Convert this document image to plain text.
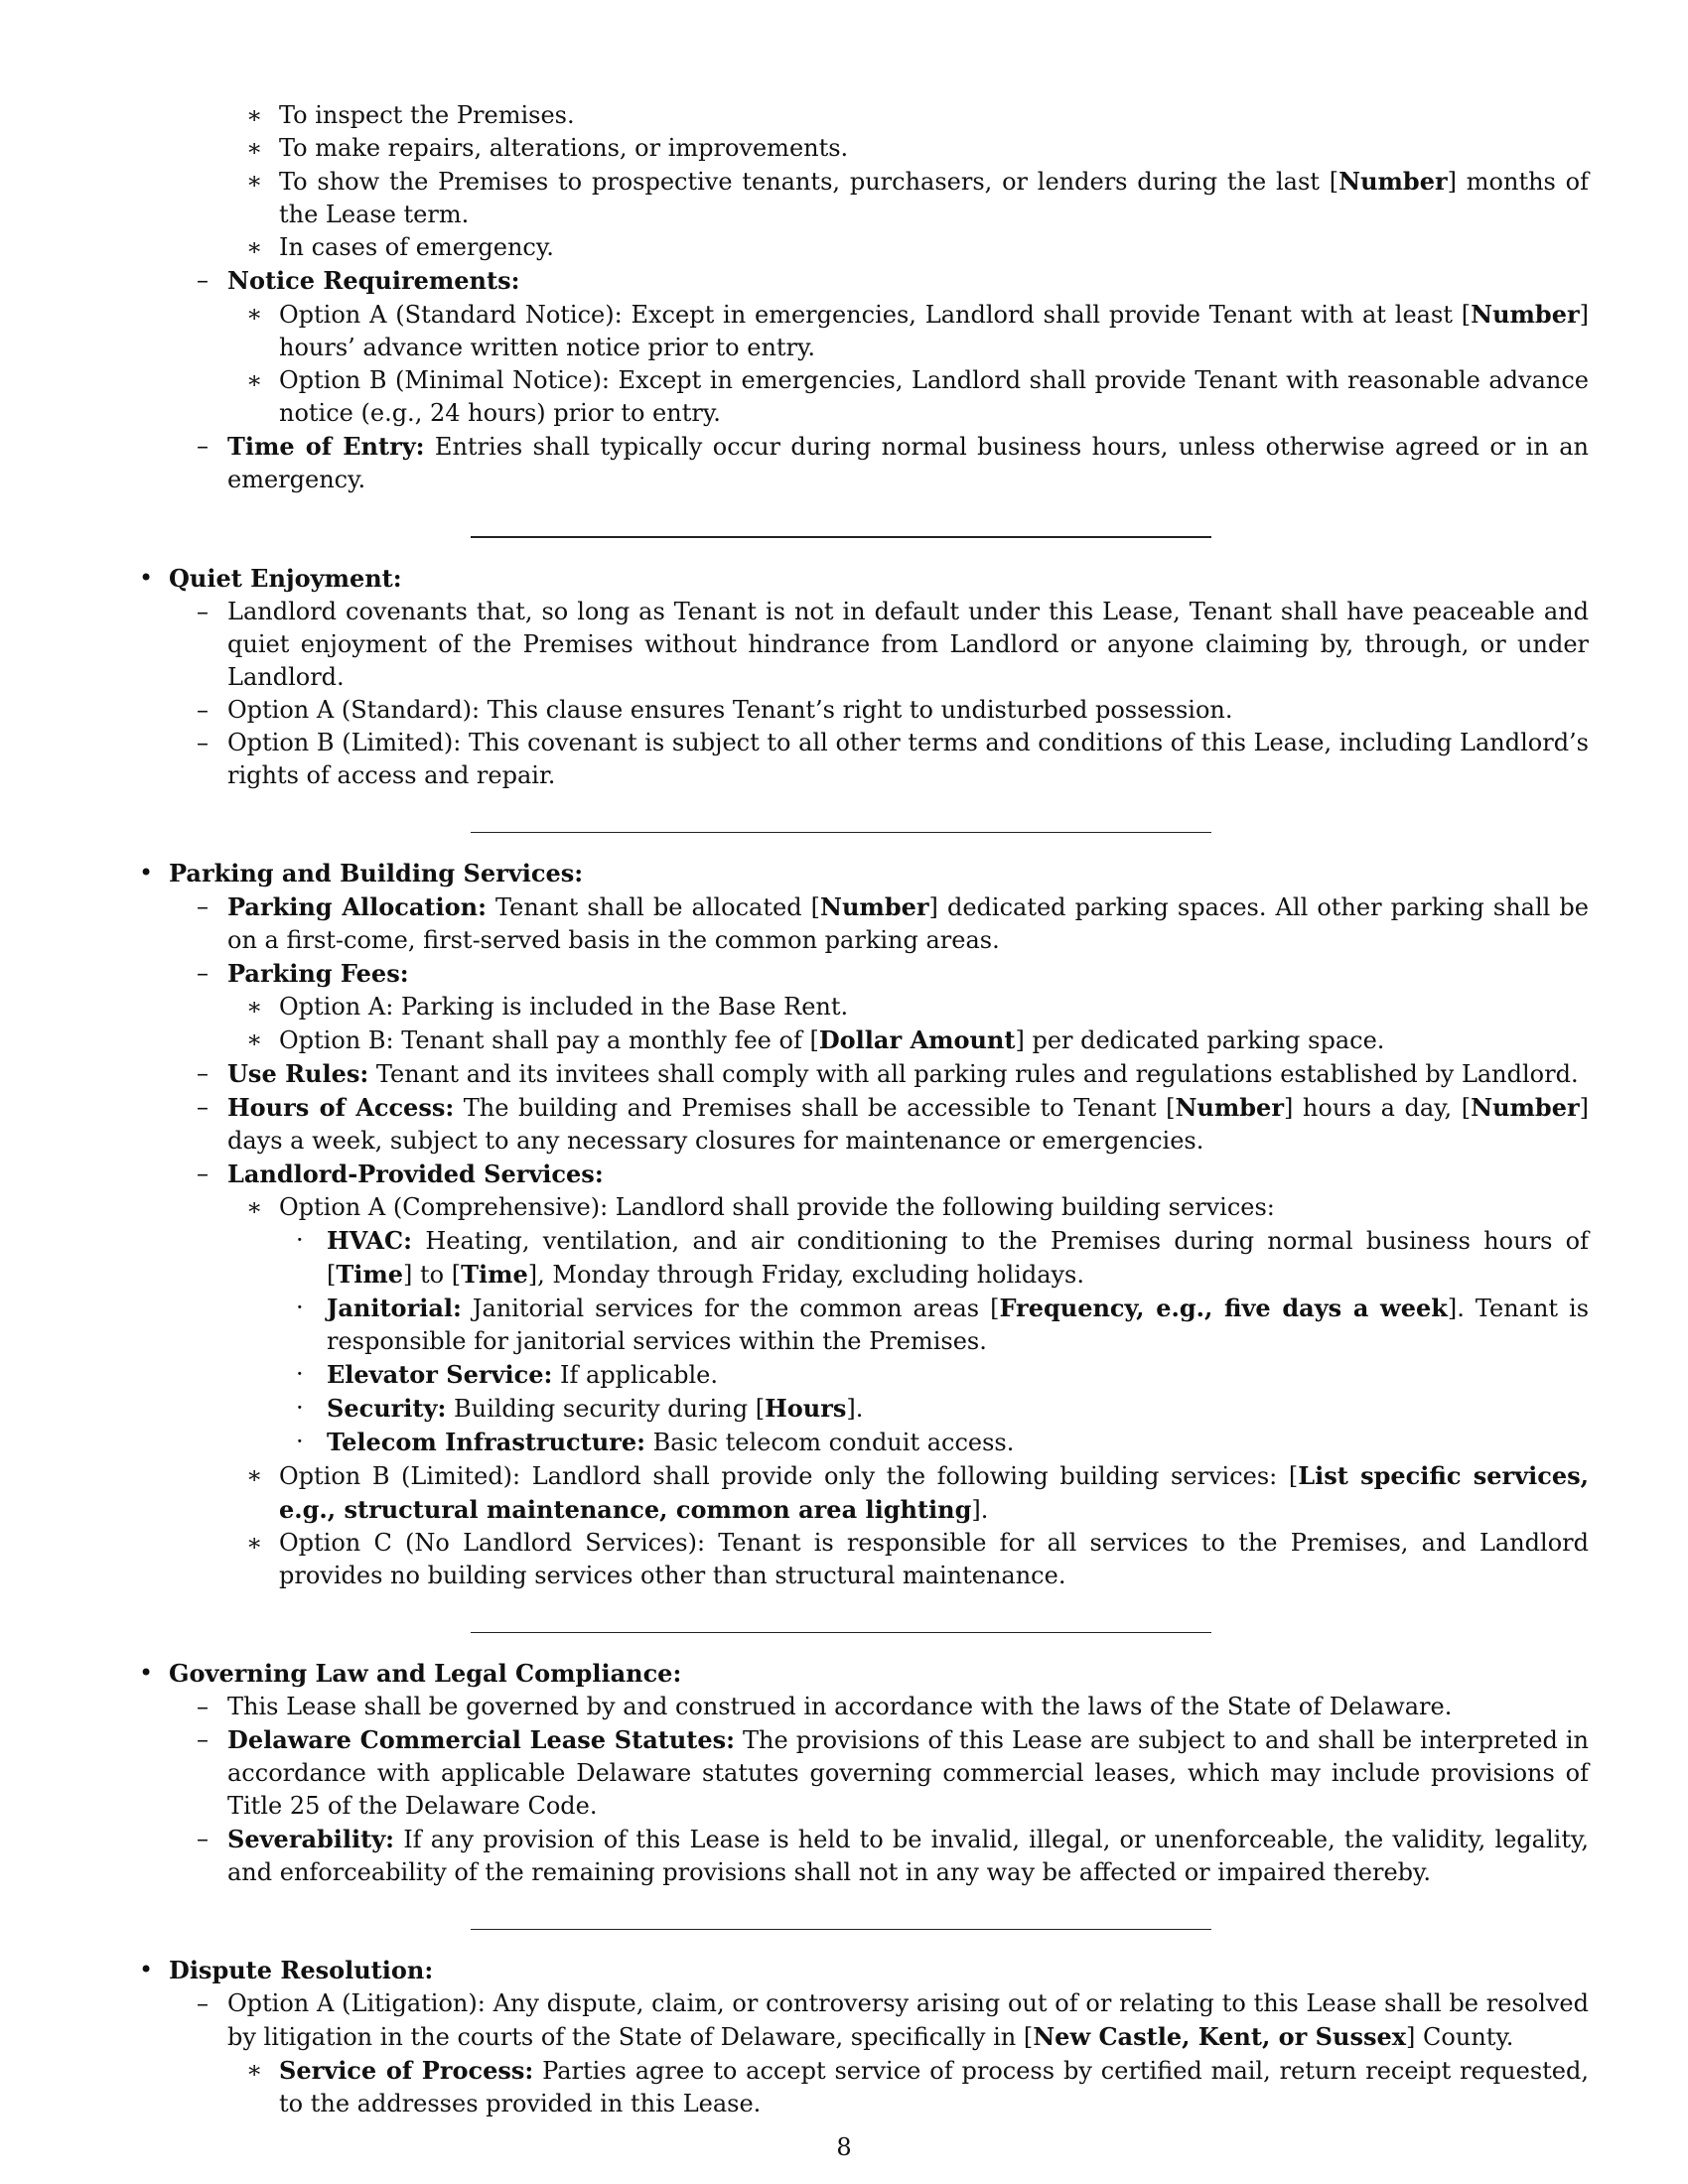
∗ To inspect the Premises.
∗ To make repairs, alterations, or improvements.
∗ To show the Premises to prospective tenants, purchasers, or lenders during the last [Number] months of the Lease term.
∗ In cases of emergency.
– Notice Requirements:
∗ Option A (Standard Notice): Except in emergencies, Landlord shall provide Tenant with at least [Number] hours’ advance written notice prior to entry.
∗ Option B (Minimal Notice): Except in emergencies, Landlord shall provide Tenant with reasonable advance notice (e.g., 24 hours) prior to entry.
– Time of Entry: Entries shall typically occur during normal business hours, unless otherwise agreed or in an emergency.
• Quiet Enjoyment:
– Landlord covenants that, so long as Tenant is not in default under this Lease, Tenant shall have peaceable and quiet enjoyment of the Premises without hindrance from Landlord or anyone claiming by, through, or under Landlord.
– Option A (Standard): This clause ensures Tenant’s right to undisturbed possession.
– Option B (Limited): This covenant is subject to all other terms and conditions of this Lease, including Landlord’s rights of access and repair.
• Parking and Building Services:
– Parking Allocation: Tenant shall be allocated [Number] dedicated parking spaces. All other parking shall be on a first-come, first-served basis in the common parking areas.
– Parking Fees:
∗ Option A: Parking is included in the Base Rent.
∗ Option B: Tenant shall pay a monthly fee of [Dollar Amount] per dedicated parking space.
– Use Rules: Tenant and its invitees shall comply with all parking rules and regulations established by Landlord.
– Hours of Access: The building and Premises shall be accessible to Tenant [Number] hours a day, [Number] days a week, subject to any necessary closures for maintenance or emergencies.
– Landlord-Provided Services:
∗ Option A (Comprehensive): Landlord shall provide the following building services:
· HVAC: Heating, ventilation, and air conditioning to the Premises during normal business hours of [Time] to [Time], Monday through Friday, excluding holidays.
· Janitorial: Janitorial services for the common areas [Frequency, e.g., five days a week]. Tenant is responsible for janitorial services within the Premises.
· Elevator Service: If applicable.
· Security: Building security during [Hours].
· Telecom Infrastructure: Basic telecom conduit access.
∗ Option B (Limited): Landlord shall provide only the following building services: [List specific services, e.g., structural maintenance, common area lighting].
∗ Option C (No Landlord Services): Tenant is responsible for all services to the Premises, and Landlord provides no building services other than structural maintenance.
• Governing Law and Legal Compliance:
– This Lease shall be governed by and construed in accordance with the laws of the State of Delaware.
– Delaware Commercial Lease Statutes: The provisions of this Lease are subject to and shall be interpreted in accordance with applicable Delaware statutes governing commercial leases, which may include provisions of Title 25 of the Delaware Code.
– Severability: If any provision of this Lease is held to be invalid, illegal, or unenforceable, the validity, legality, and enforceability of the remaining provisions shall not in any way be affected or impaired thereby.
• Dispute Resolution:
– Option A (Litigation): Any dispute, claim, or controversy arising out of or relating to this Lease shall be resolved by litigation in the courts of the State of Delaware, specifically in [New Castle, Kent, or Sussex] County.
∗ Service of Process: Parties agree to accept service of process by certified mail, return receipt requested, to the addresses provided in this Lease.
8
